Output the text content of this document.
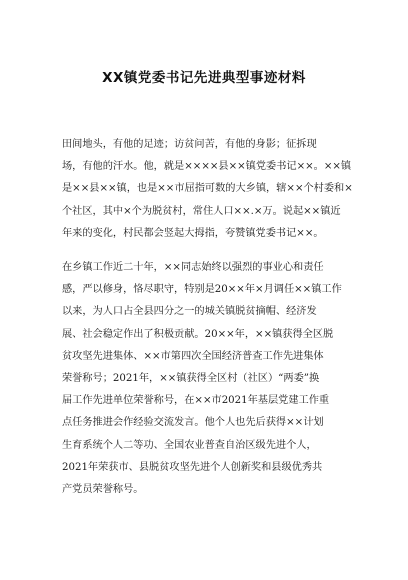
XX镇党委书记先进典型事迹材料

田间地头，有他的足迹；访贫问苦，有他的身影；征拆现
场，有他的汗水。他，就是××××县××镇党委书记××。××镇
是××县××镇，也是××市屈指可数的大乡镇，辖××个村委和×
个社区，其中×个为脱贫村，常住人口××.×万。说起××镇近
年来的变化，村民都会竖起大拇指，夸赞镇党委书记××。

在乡镇工作近二十年，××同志始终以强烈的事业心和责任
感，严以修身，恪尽职守，特别是20××年×月调任××镇工作
以来，为人口占全县四分之一的城关镇脱贫摘帽、经济发
展、社会稳定作出了积极贡献。20××年，××镇获得全区脱
贫攻坚先进集体、××市第四次全国经济普查工作先进集体
荣誉称号；2021年，××镇获得全区村（社区）“两委”换
届工作先进单位荣誉称号，在××市2021年基层党建工作重
点任务推进会作经验交流发言。他个人也先后获得××计划
生育系统个人二等功、全国农业普查自治区级先进个人，
2021年荣获市、县脱贫攻坚先进个人创新奖和县级优秀共
产党员荣誉称号。
